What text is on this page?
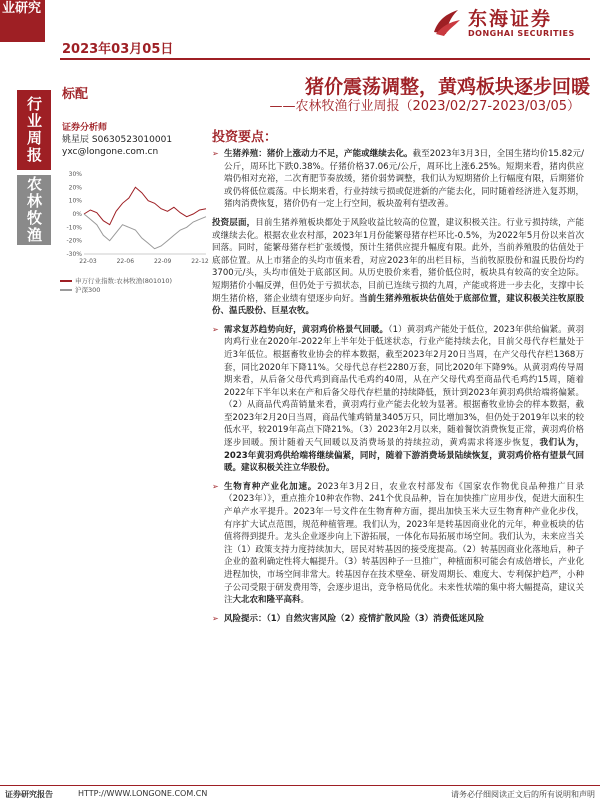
业研究
2023年03月05日
东海证券
DONGHAI SECURITIES
行业周报
农林牧渔
标配	猪价震荡调整，黄鸡板块逐步回暖
——农林牧渔行业周报（2023/02/27-2023/03/05）
证券分析师
姚星辰 S0630523010001
yxc@longone.com.cn
30%
20%
10%
0%
-10%
-20%
-30%
22-03	22-06	22-09	22-12
申万行业指数:农林牧渔(801010)
沪深300
投资要点：

➢ 生猪养殖：猪价上涨动力不足，产能或继续去化。截至2023年3月3日，全国生猪均价15.82元/公斤，周环比下跌0.38%。仔猪价格37.06元/公斤，周环比上涨6.25%。短期来看，猪肉供应端仍相对充裕，二次育肥节奏放缓，猪价弱势调整，我们认为短期猪价上行幅度有限，后期猪价或仍将低位震荡。中长期来看，行业持续亏损或促进新的产能去化，同时随着经济进入复苏期，猪肉消费恢复，猪价仍有一定上行空间，板块盈利有望改善。

投资层面，目前生猪养殖板块都处于风险收益比较高的位置，建议积极关注。行业亏损持续，产能或继续去化。根据农业农村部，2023年1月份能繁母猪存栏环比-0.5%，为2022年5月份以来首次回落。同时，能繁母猪存栏扩张缓慢，预计生猪供应提升幅度有限。此外，当前养殖股的估值处于底部位置。从上市猪企的头均市值来看，对应2023年的出栏目标，当前牧原股份和温氏股份均约3700元/头，头均市值处于底部区间。从历史股价来看，猪价低位时，板块具有较高的安全边际。短期猪价小幅反弹，但仍处于亏损状态，目前已连续亏损约九周，产能或将进一步去化，支撑中长期生猪价格，猪企业绩有望逐步向好。当前生猪养殖板块估值处于底部位置，建议积极关注牧原股份、温氏股份、巨星农牧。

➢ 需求复苏趋势向好，黄羽鸡价格景气回暖。（1）黄羽鸡产能处于低位，2023年供给偏紧。黄羽肉鸡行业在2020年-2022年上半年处于低迷状态，行业产能持续去化，目前父母代存栏量处于近3年低位。根据畜牧业协会的样本数据，截至2023年2月20日当周，在产父母代存栏1368万套，同比2020年下降11%。父母代总存栏2280万套，同比2020年下降9%。从黄羽鸡传导周期来看，从后备父母代鸡到商品代毛鸡约40周，从在产父母代鸡至商品代毛鸡约15周，随着2022年下半年以来在产和后备父母代存栏量的持续降低，预计到2023年黄羽鸡供给端将偏紧。（2）从商品代鸡苗销量来看，黄羽鸡行业产能去化较为显著。根据畜牧业协会的样本数据，截至2023年2月20日当周，商品代雏鸡销量3405万只，同比增加3%，但仍处于2019年以来的较低水平，较2019年高点下降21%。（3）2023年2月以来，随着餐饮消费恢复正常，黄羽鸡价格逐步回暖。预计随着天气回暖以及消费场景的持续拉动，黄鸡需求将逐步恢复，我们认为，2023年黄羽鸡供给端将继续偏紧，同时，随着下游消费场景陆续恢复，黄羽鸡价格有望景气回暖。建议积极关注立华股份。

➢ 生物育种产业化加速。2023年3月2日，农业农村部发布《国家农作物优良品种推广目录（2023年）》，重点推介10种农作物、241个优良品种，旨在加快推广应用步伐，促进大面积生产单产水平提升。2023年一号文件在生物育种方面，提出加快玉米大豆生物育种产业化步伐，有序扩大试点范围，规范种植管理。我们认为，2023年是转基因商业化的元年，种业板块的估值将得到提升。龙头企业逐步向上下游拓展，一体化布局拓展市场空间。我们认为，未来应当关注（1）政策支持力度持续加大，居民对转基因的接受度提高。（2）转基因商业化落地后，种子企业的盈利确定性将大幅提升。（3）转基因种子一旦推广，种植面积可能会有成倍增长，产业化进程加快，市场空间非常大。转基因存在技术壁垒、研发周期长、难度大、专利保护趋严，小种子公司受限于研发费用等，会逐步退出，竞争格局优化。未来性状端的集中将大幅提高，建议关注大北农和隆平高科。

➢ 风险提示：（1）自然灾害风险（2）疫情扩散风险（3）消费低迷风险

证券研究报告	HTTP://WWW.LONGONE.COM.CN	请务必仔细阅读正文后的所有说明和声明
